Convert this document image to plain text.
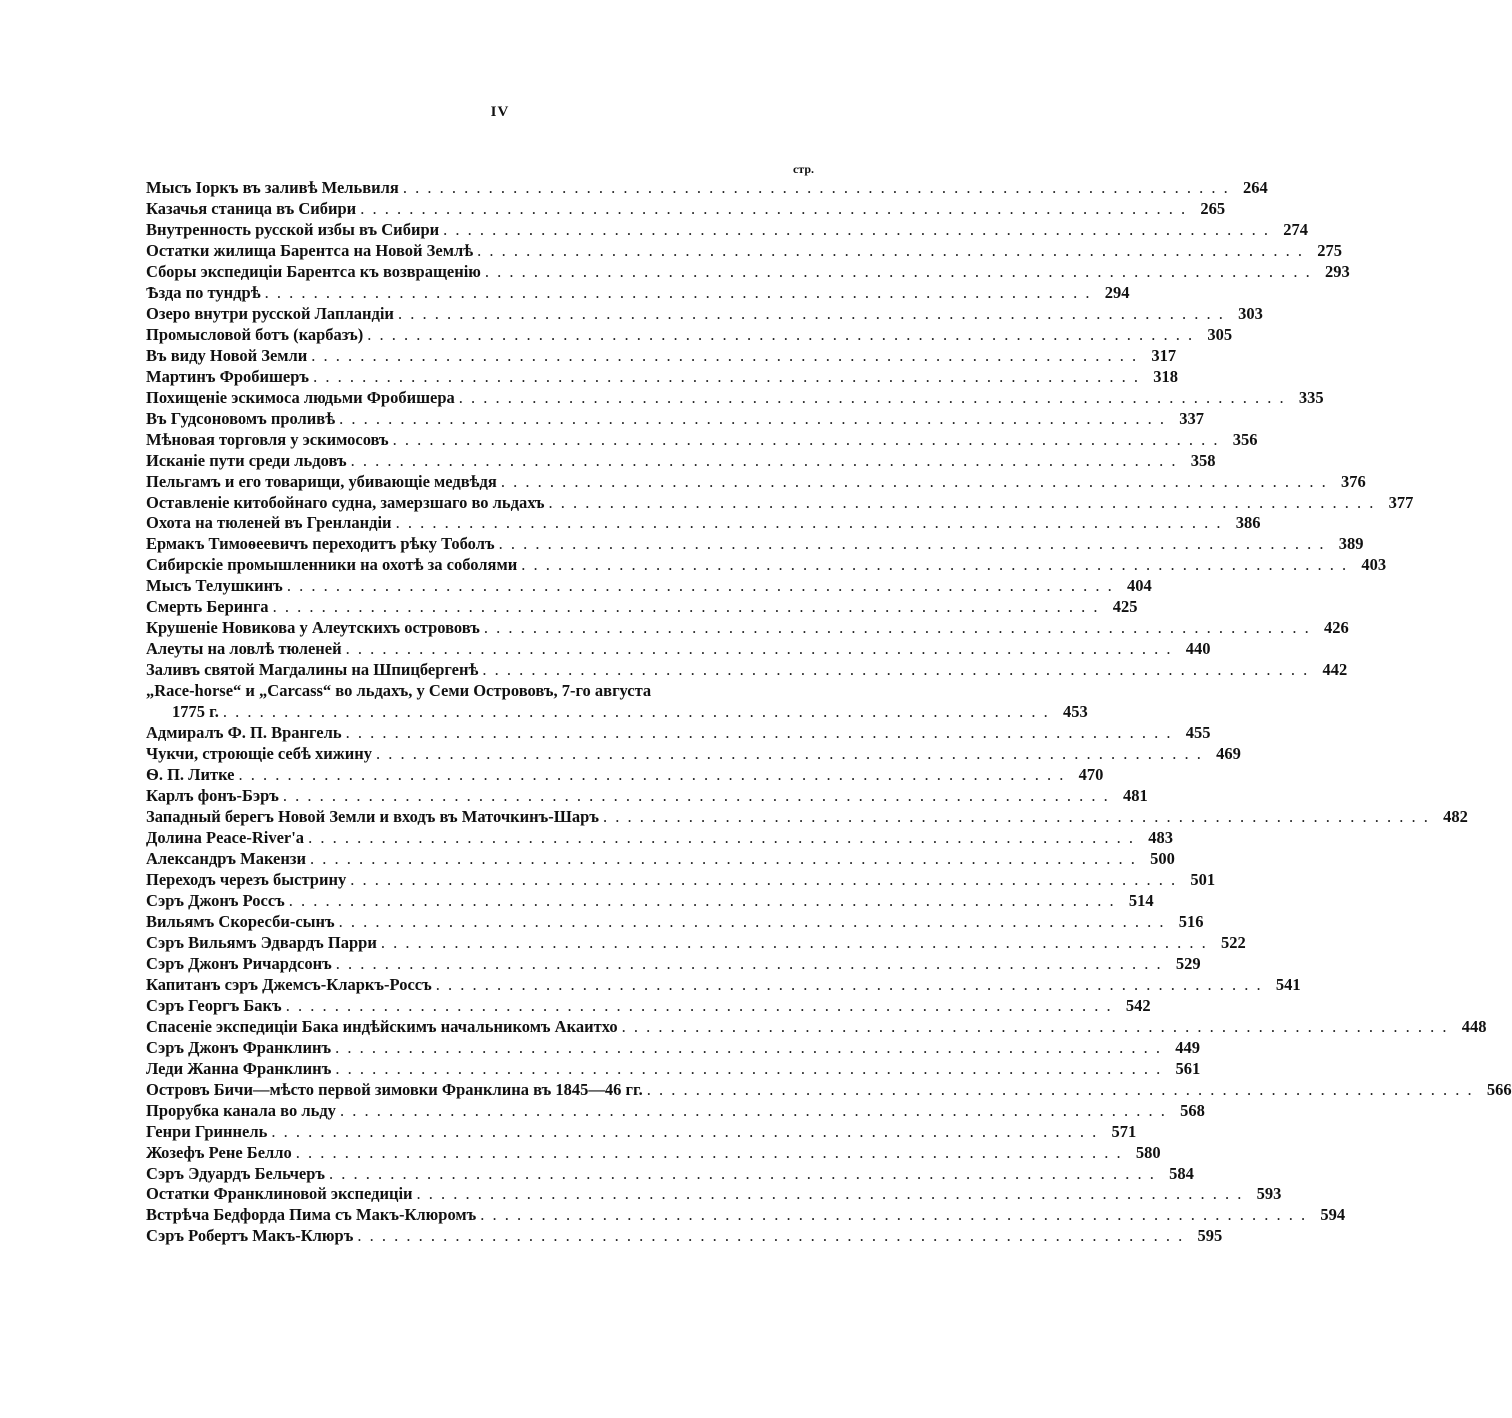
IV
стр.
Мысъ Іоркъ въ заливѣ Мельвиля . . .	264
Казачья станица въ Сибири . . .	265
Внутренность русской избы въ Сибири . . .	274
Остатки жилища Барентса на Новой Землѣ . . .	275
Сборы экспедиціи Барентса къ возвращенію . . .	293
Ѣзда по тундрѣ . . .	294
Озеро внутри русской Лапландіи . . .	303
Промысловой ботъ (карбазъ) . . .	305
Въ виду Новой Земли . . .	317
Мартинъ Фробишеръ . . .	318
Похищеніе эскимоса людьми Фробишера . . .	335
Въ Гудсоновомъ проливѣ . . .	337
Мѣновая торговля у эскимосовъ . . .	356
Исканіе пути среди льдовъ . . .	358
Пельгамъ и его товарищи, убивающіе медвѣдя . . .	376
Оставленіе китобойнаго судна, замерзшаго во льдахъ . . .	377
Охота на тюленей въ Гренландіи . . .	386
Ермакъ Тимоѳеевичъ переходитъ рѣку Тоболъ . . .	389
Сибирскіе промышленники на охотѣ за соболями . . .	403
Мысъ Телушкинъ . . .	404
Смерть Беринга . . .	425
Крушеніе Новикова у Алеутскихъ острововъ . . .	426
Алеуты на ловлѣ тюленей . . .	440
Заливъ святой Магдалины на Шпицбергенѣ . . .	442
„Race-horse“ и „Carcass“ во льдахъ, у Семи Острововъ, 7-го августа
1775 г. . . .	453
Адмиралъ Ф. П. Врангель . . .	455
Чукчи, строющіе себѣ хижину . . .	469
Ѳ. П. Литке . . .	470
Карлъ фонъ-Бэръ . . .	481
Западный берегъ Новой Земли и входъ въ Маточкинъ-Шаръ . . .	482
Долина Peace-River'а . . .	483
Александръ Макензи . . .	500
Переходъ черезъ быстрину . . .	501
Сэръ Джонъ Россъ . . .	514
Вильямъ Скоресби-сынъ . . .	516
Сэръ Вильямъ Эдвардъ Парри . . .	522
Сэръ Джонъ Ричардсонъ . . .	529
Капитанъ сэръ Джемсъ-Кларкъ-Россъ . . .	541
Сэръ Георгъ Бакъ . . .	542
Спасеніе экспедиціи Бака индѣйскимъ начальникомъ Акаитхо . . .	448
Сэръ Джонъ Франклинъ . . .	449
Леди Жанна Франклинъ . . .	561
Островъ Бичи—мѣсто первой зимовки Франклина въ 1845—46 гг. . . .	566
Прорубка канала во льду . . .	568
Генри Гриннель . . .	571
Жозефъ Рене Белло . . .	580
Сэръ Эдуардъ Бельчеръ . . .	584
Остатки Франклиновой экспедиціи . . .	593
Встрѣча Бедфорда Пима съ Макъ-Клюромъ . . .	594
Сэръ Робертъ Макъ-Клюръ . . .	595
